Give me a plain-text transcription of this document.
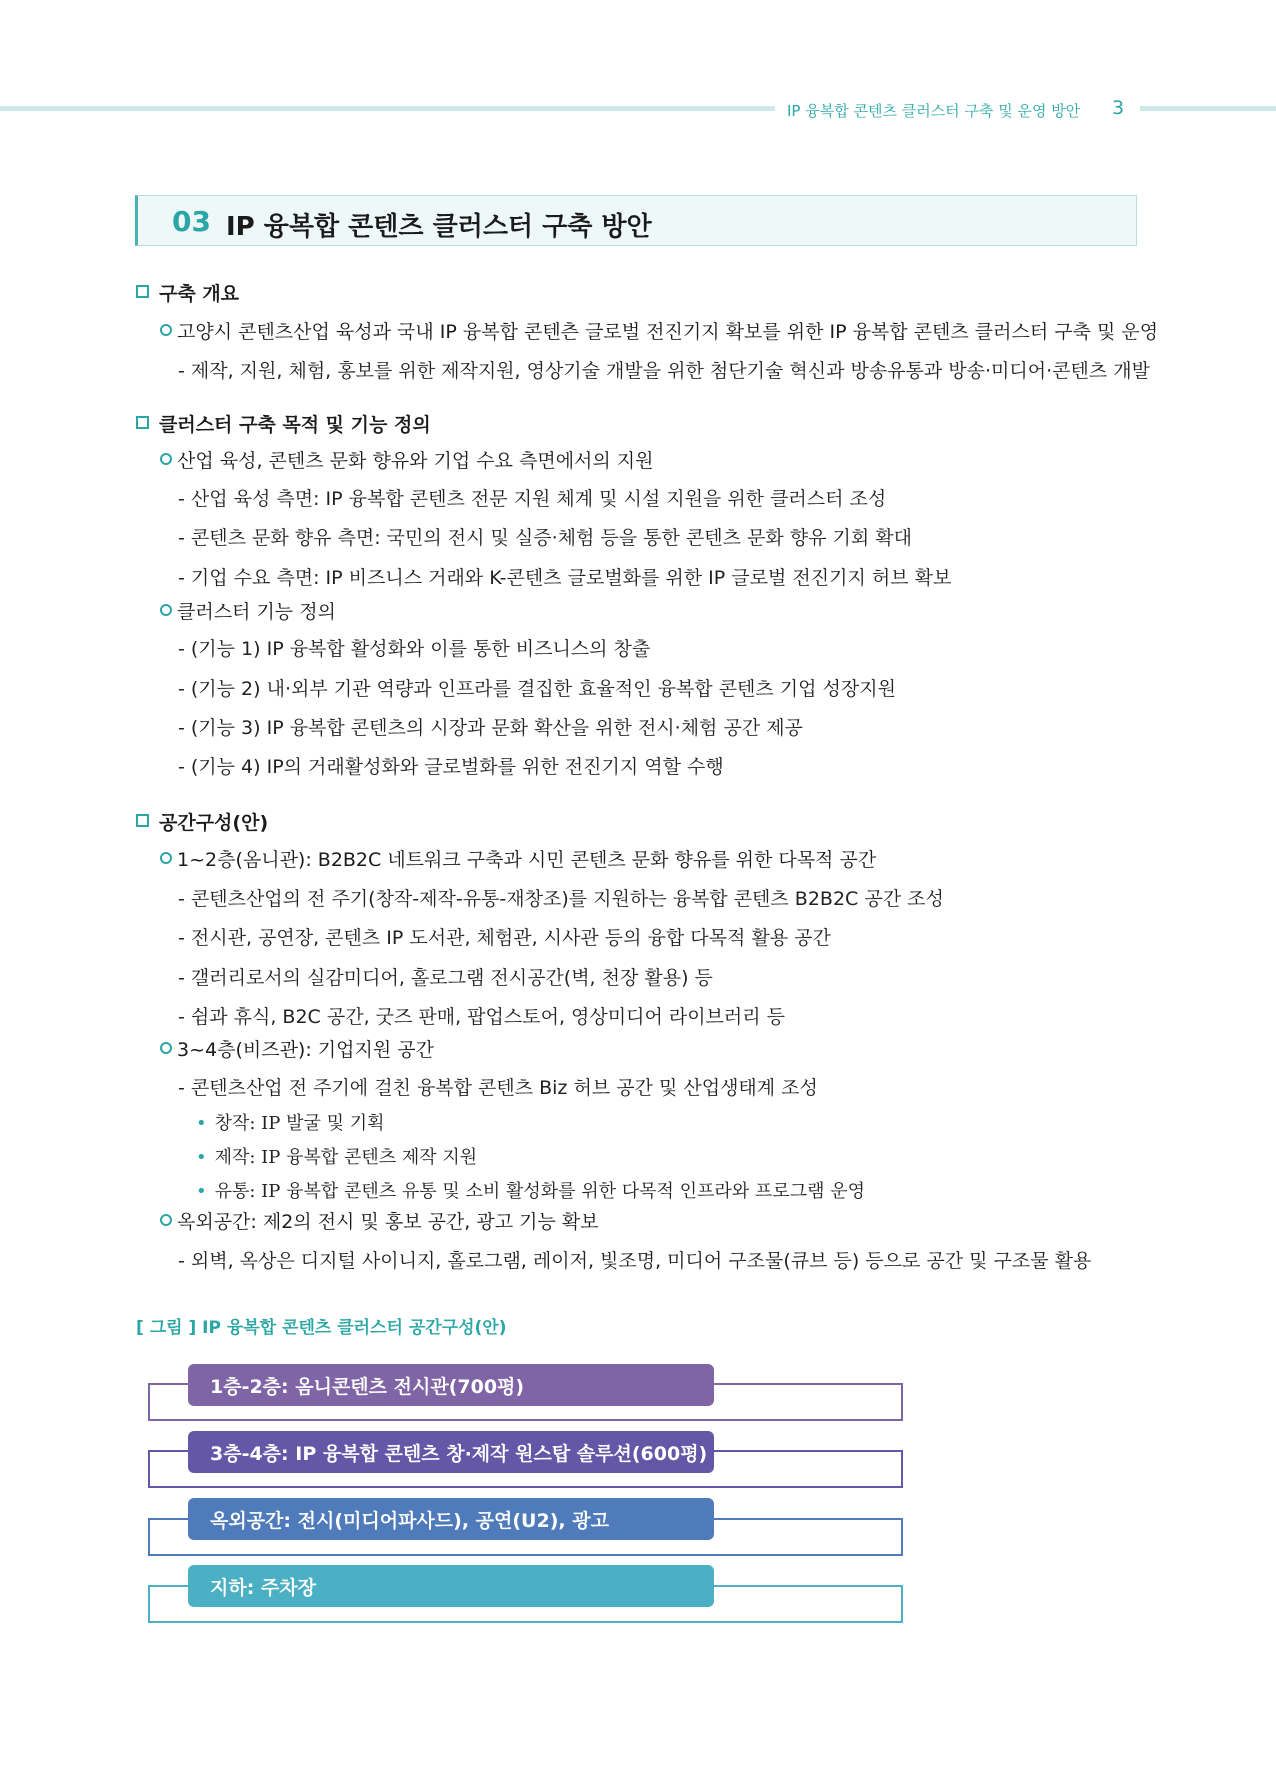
IP 융복합 콘텐츠 클러스터 구축 및 운영 방안 3
03 IP 융복합 콘텐츠 클러스터 구축 방안
구축 개요
고양시 콘텐츠산업 육성과 국내 IP 융복합 콘텐츤 글로벌 전진기지 확보를 위한 IP 융복합 콘텐츠 클러스터 구축 및 운영
- 제작, 지원, 체험, 홍보를 위한 제작지원, 영상기술 개발을 위한 첨단기술 혁신과 방송유통과 방송·미디어·콘텐츠 개발
클러스터 구축 목적 및 기능 정의
산업 육성, 콘텐츠 문화 향유와 기업 수요 측면에서의 지원
- 산업 육성 측면: IP 융복합 콘텐츠 전문 지원 체계 및 시설 지원을 위한 클러스터 조성
- 콘텐츠 문화 향유 측면: 국민의 전시 및 실증·체험 등을 통한 콘텐츠 문화 향유 기회 확대
- 기업 수요 측면: IP 비즈니스 거래와 K-콘텐츠 글로벌화를 위한 IP 글로벌 전진기지 허브 확보
클러스터 기능 정의
- (기능 1) IP 융복합 활성화와 이를 통한 비즈니스의 창출
- (기능 2) 내·외부 기관 역량과 인프라를 결집한 효율적인 융복합 콘텐츠 기업 성장지원
- (기능 3) IP 융복합 콘텐츠의 시장과 문화 확산을 위한 전시·체험 공간 제공
- (기능 4) IP의 거래활성화와 글로벌화를 위한 전진기지 역할 수행
공간구성(안)
1~2층(옴니관): B2B2C 네트워크 구축과 시민 콘텐츠 문화 향유를 위한 다목적 공간
- 콘텐츠산업의 전 주기(창작-제작-유통-재창조)를 지원하는 융복합 콘텐츠 B2B2C 공간 조성
- 전시관, 공연장, 콘텐츠 IP 도서관, 체험관, 시사관 등의 융합 다목적 활용 공간
- 갤러리로서의 실감미디어, 홀로그램 전시공간(벽, 천장 활용) 등
- 쉼과 휴식, B2C 공간, 굿즈 판매, 팝업스토어, 영상미디어 라이브러리 등
3~4층(비즈관): 기업지원 공간
- 콘텐츠산업 전 주기에 걸친 융복합 콘텐츠 Biz 허브 공간 및 산업생태계 조성
• 창작: IP 발굴 및 기획
• 제작: IP 융복합 콘텐츠 제작 지원
• 유통: IP 융복합 콘텐츠 유통 및 소비 활성화를 위한 다목적 인프라와 프로그램 운영
옥외공간: 제2의 전시 및 홍보 공간, 광고 기능 확보
- 외벽, 옥상은 디지털 사이니지, 홀로그램, 레이저, 빛조명, 미디어 구조물(큐브 등) 등으로 공간 및 구조물 활용
[ 그림 ] IP 융복합 콘텐츠 클러스터 공간구성(안)
1층-2층: 옴니콘텐츠 전시관(700평)
3층-4층: IP 융복합 콘텐츠 창·제작 원스탑 솔루션(600평)
옥외공간: 전시(미디어파사드), 공연(U2), 광고
지하: 주차장
